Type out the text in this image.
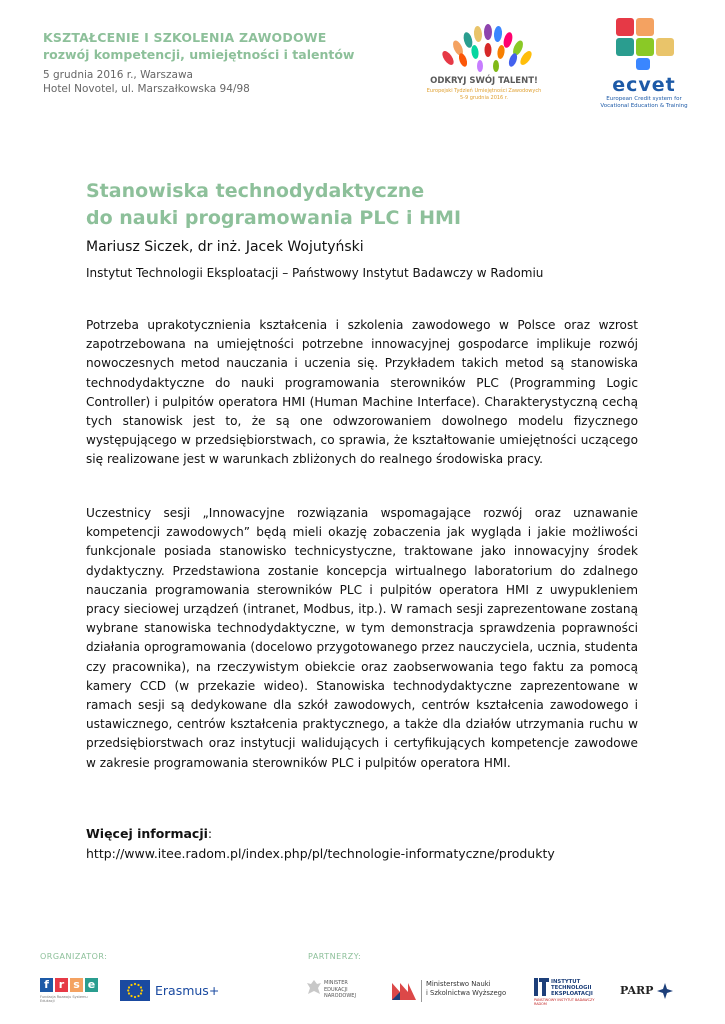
KSZTAŁCENIE I SZKOLENIA ZAWODOWE
rozwój kompetencji, umiejętności i talentów
5 grudnia 2016 r., Warszawa
Hotel Novotel, ul. Marszałkowska 94/98
ODKRYJ SWÓJ TALENT!
Europejski Tydzień Umiejętności Zawodowych
5-9 grudnia 2016 r.
ecvet
European Credit system for
Vocational Education & Training
Stanowiska technodydaktyczne
do nauki programowania PLC i HMI
Mariusz Siczek, dr inż. Jacek Wojutyński
Instytut Technologii Eksploatacji – Państwowy Instytut Badawczy w Radomiu

Potrzeba uprakotycznienia kształcenia i szkolenia zawodowego w Polsce oraz wzrost zapotrzebowana na umiejętności potrzebne innowacyjnej gospodarce implikuje rozwój nowoczesnych metod nauczania i uczenia się. Przykładem takich metod są stanowiska technodydaktyczne do nauki programowania sterowników PLC (Programming Logic Controller) i pulpitów operatora HMI (Human Machine Interface). Charakterystyczną cechą tych stanowisk jest to, że są one odwzorowaniem dowolnego modelu fizycznego występującego w przedsiębiorstwach, co sprawia, że kształtowanie umiejętności uczącego się realizowane jest w warunkach zbliżonych do realnego środowiska pracy.

Uczestnicy sesji „Innowacyjne rozwiązania wspomagające rozwój oraz uznawanie kompetencji zawodowych” będą mieli okazję zobaczenia jak wygląda i jakie możliwości funkcjonale posiada stanowisko technicystyczne, traktowane jako innowacyjny środek dydaktyczny. Przedstawiona zostanie koncepcja wirtualnego laboratorium do zdalnego nauczania programowania sterowników PLC i pulpitów operatora HMI z uwypukleniem pracy sieciowej urządzeń (intranet, Modbus, itp.). W ramach sesji zaprezentowane zostaną wybrane stanowiska technodydaktyczne, w tym demonstracja sprawdzenia poprawności działania oprogramowania (docelowo przygotowanego przez nauczyciela, ucznia, studenta czy pracownika), na rzeczywistym obiekcie oraz zaobserwowania tego faktu za pomocą kamery CCD (w przekazie wideo). Stanowiska technodydaktyczne zaprezentowane w ramach sesji są dedykowane dla szkół zawodowych, centrów kształcenia zawodowego i ustawicznego, centrów kształcenia praktycznego, a także dla działów utrzymania ruchu w przedsiębiorstwach oraz instytucji walidujących i certyfikujących kompetencje zawodowe w zakresie programowania sterowników PLC i pulpitów operatora HMI.

Więcej informacji:
http://www.itee.radom.pl/index.php/pl/technologie-informatyczne/produkty
ORGANIZATOR:	PARTNERZY:
f r s e
Fundacja Rozwoju Systemu Edukacji
Erasmus+	MINISTER
EDUKACJI
NARODOWEJ
Ministerstwo Nauki
i Szkolnictwa Wyższego
INSTYTUT
TECHNOLOGII
EKSPLOATACJI
PAŃSTWOWY INSTYTUT BADAWCZY RADOM
PARP
